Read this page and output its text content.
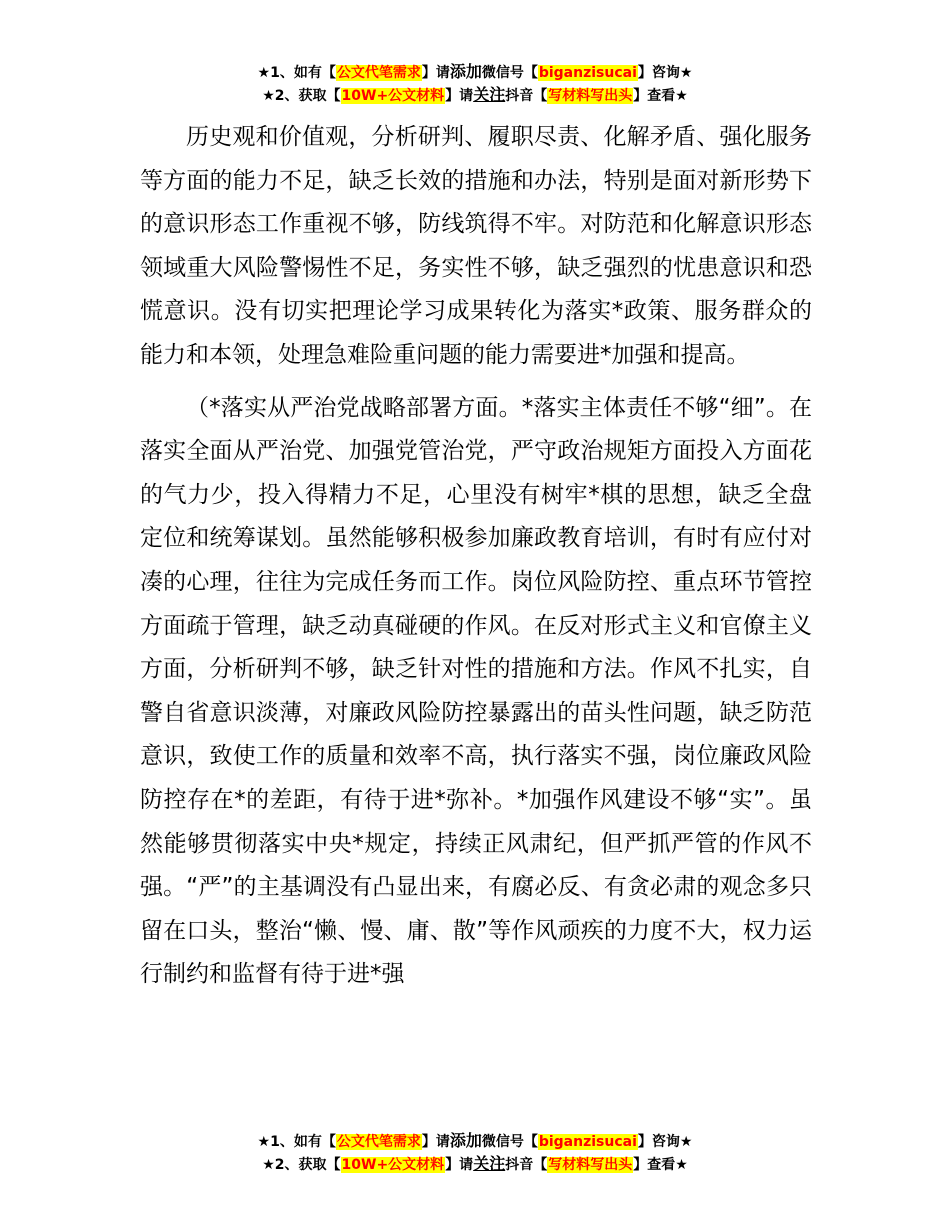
★1、如有【公文代笔需求】请添加微信号【biganzisucai】咨询★
★2、获取【10W+公文材料】请关注抖音【写材料写出头】查看★

历史观和价值观，分析研判、履职尽责、化解矛盾、强化服务等方面的能力不足，缺乏长效的措施和办法，特别是面对新形势下的意识形态工作重视不够，防线筑得不牢。对防范和化解意识形态领域重大风险警惕性不足，务实性不够，缺乏强烈的忧患意识和恐慌意识。没有切实把理论学习成果转化为落实*政策、服务群众的能力和本领，处理急难险重问题的能力需要进*加强和提高。

（*落实从严治党战略部署方面。*落实主体责任不够“细”。在落实全面从严治党、加强党管治党，严守政治规矩方面投入方面花的气力少，投入得精力不足，心里没有树牢*棋的思想，缺乏全盘定位和统筹谋划。虽然能够积极参加廉政教育培训，有时有应付对凑的心理，往往为完成任务而工作。岗位风险防控、重点环节管控方面疏于管理，缺乏动真碰硬的作风。在反对形式主义和官僚主义方面，分析研判不够，缺乏针对性的措施和方法。作风不扎实，自警自省意识淡薄，对廉政风险防控暴露出的苗头性问题，缺乏防范意识，致使工作的质量和效率不高，执行落实不强，岗位廉政风险防控存在*的差距，有待于进*弥补。*加强作风建设不够“实”。虽然能够贯彻落实中央*规定，持续正风肃纪，但严抓严管的作风不强。“严”的主基调没有凸显出来，有腐必反、有贪必肃的观念多只留在口头，整治“懒、慢、庸、散”等作风顽疾的力度不大，权力运行制约和监督有待于进*强

★1、如有【公文代笔需求】请添加微信号【biganzisucai】咨询★
★2、获取【10W+公文材料】请关注抖音【写材料写出头】查看★
